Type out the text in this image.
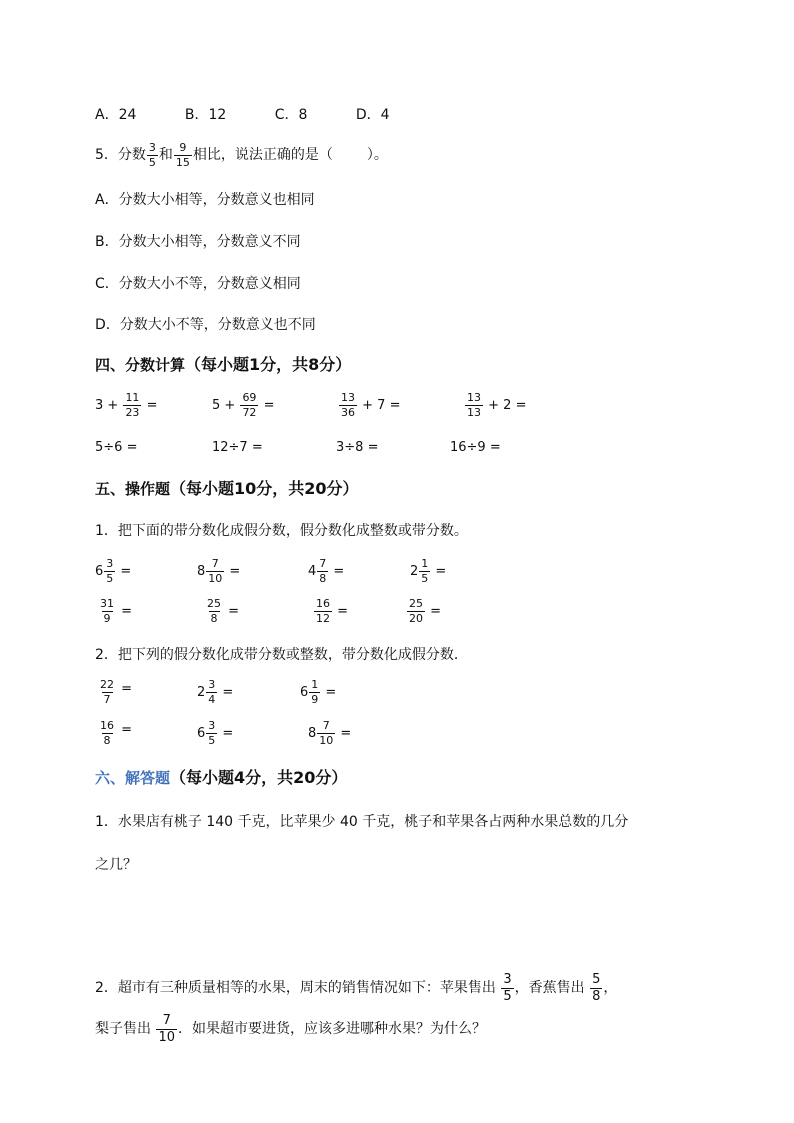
A．24	B．12	C．8	D．4
5．分数 $\frac{3}{5}$ 和 $\frac{9}{15}$ 相比，说法正确的是（ ）。
A．分数大小相等，分数意义也相同
B．分数大小相等，分数意义不同
C．分数大小不等，分数意义相同
D．分数大小不等，分数意义也不同
四、分数计算（每小题1分，共8分）
$3 + \frac{11}{23}$ =	$5 + \frac{69}{72}$ =	$\frac{13}{36} + 7$ =	$\frac{13}{13} + 2$ =
5÷6 =	12÷7 =	3÷8 =	16÷9 =
五、操作题（每小题10分，共20分）
1．把下面的带分数化成假分数，假分数化成整数或带分数。
$6 \frac{3}{5}$ =	$8 \frac{7}{10}$ =	$4 \frac{7}{8}$ =	$2 \frac{1}{5}$ =
$\frac{31}{9}$ =	$\frac{25}{8}$ =	$\frac{16}{12}$ =	$\frac{25}{20}$ =
2．把下列的假分数化成带分数或整数，带分数化成假分数．
$\frac{22}{7}$ =	$2 \frac{3}{4}$ =	$6 \frac{1}{9}$ =
$\frac{16}{8}$ =	$6 \frac{3}{5}$ =	$8 \frac{7}{10}$ =
六、解答题（每小题4分，共20分）
1．水果店有桃子 140 千克，比苹果少 40 千克，桃子和苹果各占两种水果总数的几分
之几？
2．超市有三种质量相等的水果，周末的销售情况如下：苹果售出 $\frac{3}{5}$ ，香蕉售出 $\frac{5}{8}$ ，
梨子售出 $\frac{7}{10}$ ．如果超市要进货，应该多进哪种水果？为什么？
